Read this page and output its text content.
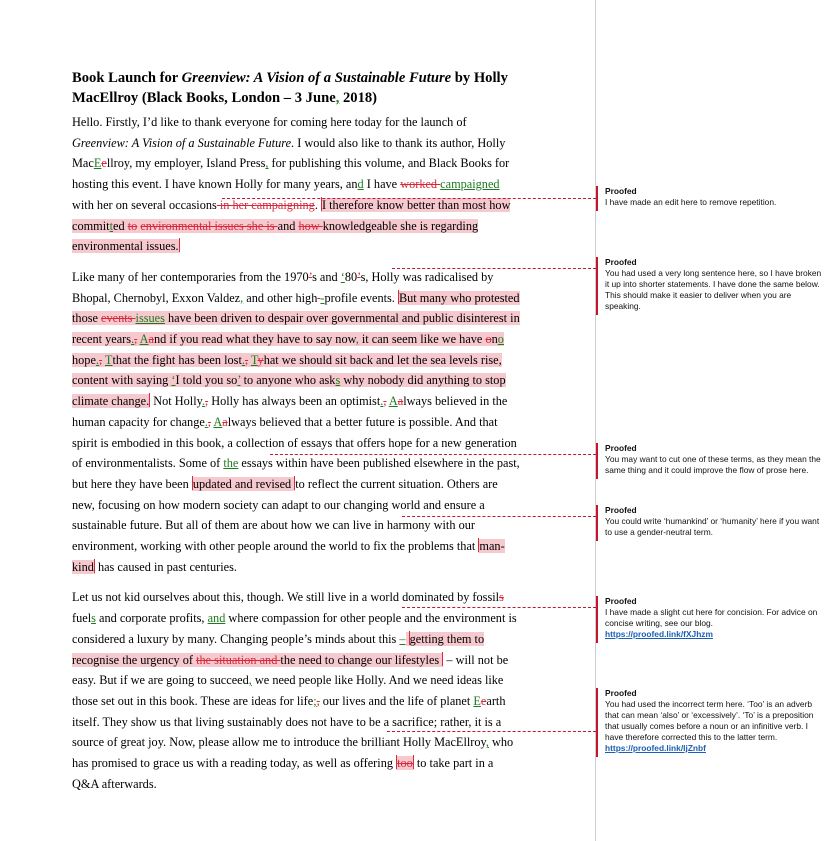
Book Launch for Greenview: A Vision of a Sustainable Future by Holly MacEllroy (Black Books, London – 3 June, 2018)
Hello. Firstly, I’d like to thank everyone for coming here today for the launch of Greenview: A Vision of a Sustainable Future. I would also like to thank its author, Holly MacEellroy, my employer, Island Press, for publishing this volume, and Black Books for hosting this event. I have known Holly for many years, and I have worked campaigned with her on several occasions in her campaigning. I therefore know better than most how committed to environmental issues she is and how knowledgeable she is regarding environmental issues.
Like many of her contemporaries from the 1970’s and ‘80’s, Holly was radicalised by Bhopal, Chernobyl, Exxon Valdez, and other high -profile events. But many who protested those events issues have been driven to despair over governmental and public disinterest in recent years., Aand if you read what they have to say now, it can seem like we have ono hope., Tthat the fight has been lost., Tyhat we should sit back and let the sea levels rise, content with saying ‘I told you so’ to anyone who asks why nobody did anything to stop climate change. Not Holly., Holly has always been an optimist., Aalways believed in the human capacity for change., Aalways believed that a better future is possible. And that spirit is embodied in this book, a collection of essays that offers hope for a new generation of environmentalists. Some of the essays within have been published elsewhere in the past, but here they have been updated and revised to reflect the current situation. Others are new, focusing on how modern society can adapt to our changing world and ensure a sustainable future. But all of them are about how we can live in harmony with our environment, working with other people around the world to fix the problems that man-kind has caused in past centuries.
Let us not kid ourselves about this, though. We still live in a world dominated by fossils fuels and corporate profits, and where compassion for other people and the environment is considered a luxury by many. Changing people’s minds about this – getting them to recognise the urgency of the situation and the need to change our lifestyles  – will not be easy. But if we are going to succeed, we need people like Holly. And we need ideas like those set out in this book. These are ideas for life;, our lives and the life of planet Eearth itself. They show us that living sustainably does not have to be a sacrifice; rather, it is a source of great joy. Now, please allow me to introduce the brilliant Holly MacEllroy, who has promised to grace us with a reading today, as well as offering too to take part in a Q&A afterwards.
Proofed
I have made an edit here to remove repetition.
Proofed
You had used a very long sentence here, so I have broken it up into shorter statements. I have done the same below. This should make it easier to deliver when you are speaking.
Proofed
You may want to cut one of these terms, as they mean the same thing and it could improve the flow of prose here.
Proofed
You could write ‘humankind’ or ‘humanity’ here if you want to use a gender-neutral term.
Proofed
I have made a slight cut here for concision. For advice on concise writing, see our blog.
https://proofed.link/fXJhzm
Proofed
You had used the incorrect term here. ‘Too’ is an adverb that can mean ‘also’ or ‘excessively’. ‘To’ is a preposition that usually comes before a noun or an infinitive verb. I have therefore corrected this to the latter term.
https://proofed.link/IjZnbf
